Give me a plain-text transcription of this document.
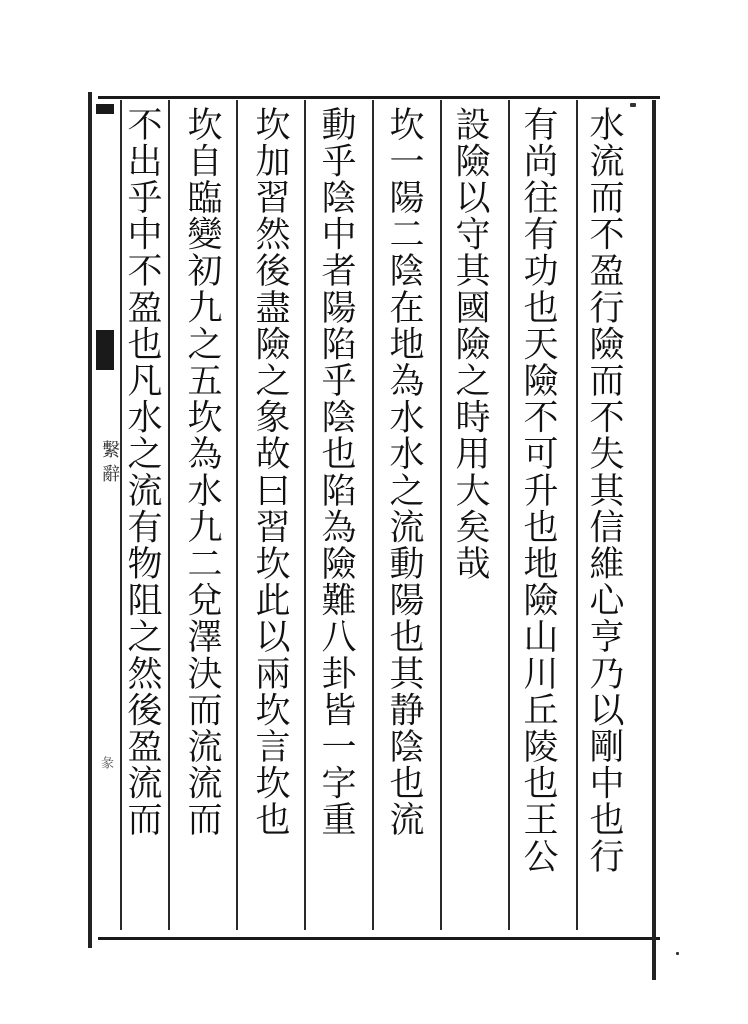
繫辭
彖	水流而不盈行險而不失其信維心亨乃以剛中也行
有尚往有功也天險不可升也地險山川丘陵也王公
設險以守其國險之時用大矣哉
坎一陽二陰在地為水水之流動陽也其静陰也流
動乎陰中者陽陷乎陰也陷為險難八卦皆一字重
坎加習然後盡險之象故曰習坎此以兩坎言坎也
坎自臨變初九之五坎為水九二兌澤決而流流而
不出乎中不盈也凡水之流有物阻之然後盈流而
